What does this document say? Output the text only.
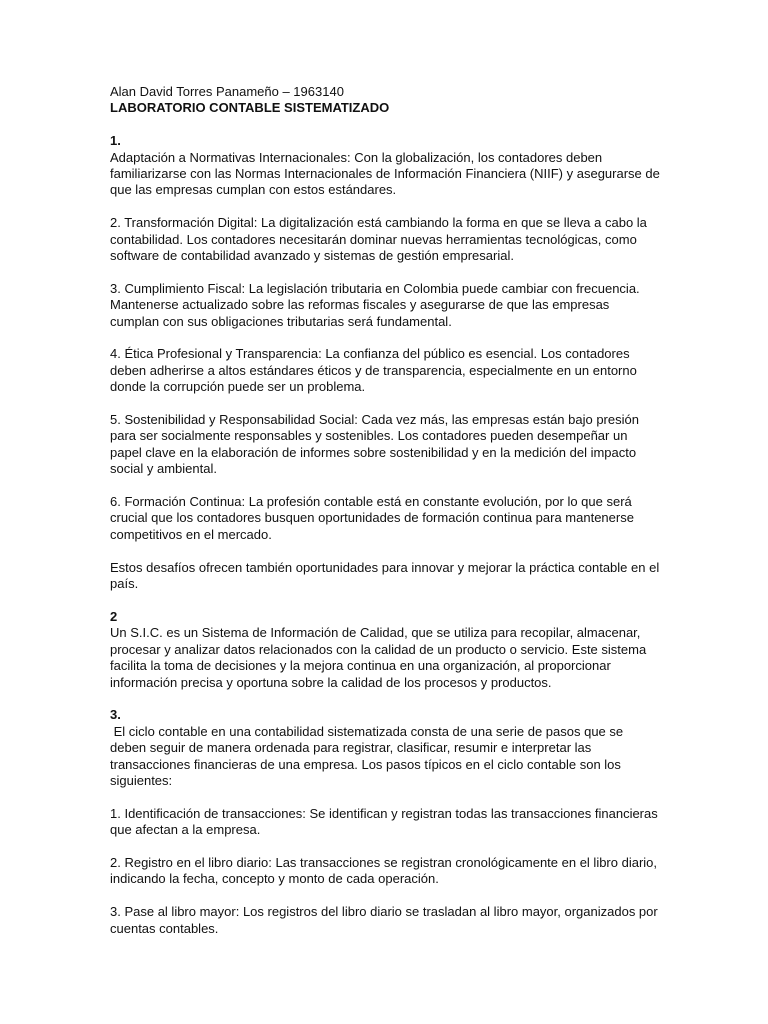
Alan David Torres Panameño – 1963140

LABORATORIO CONTABLE SISTEMATIZADO

1.

Adaptación a Normativas Internacionales: Con la globalización, los contadores deben familiarizarse con las Normas Internacionales de Información Financiera (NIIF) y asegurarse de que las empresas cumplan con estos estándares.

2. Transformación Digital: La digitalización está cambiando la forma en que se lleva a cabo la contabilidad. Los contadores necesitarán dominar nuevas herramientas tecnológicas, como software de contabilidad avanzado y sistemas de gestión empresarial.

3. Cumplimiento Fiscal: La legislación tributaria en Colombia puede cambiar con frecuencia. Mantenerse actualizado sobre las reformas fiscales y asegurarse de que las empresas cumplan con sus obligaciones tributarias será fundamental.

4. Ética Profesional y Transparencia: La confianza del público es esencial. Los contadores deben adherirse a altos estándares éticos y de transparencia, especialmente en un entorno donde la corrupción puede ser un problema.

5. Sostenibilidad y Responsabilidad Social: Cada vez más, las empresas están bajo presión para ser socialmente responsables y sostenibles. Los contadores pueden desempeñar un papel clave en la elaboración de informes sobre sostenibilidad y en la medición del impacto social y ambiental.

6. Formación Continua: La profesión contable está en constante evolución, por lo que será crucial que los contadores busquen oportunidades de formación continua para mantenerse competitivos en el mercado.

Estos desafíos ofrecen también oportunidades para innovar y mejorar la práctica contable en el país.

2

Un S.I.C. es un Sistema de Información de Calidad, que se utiliza para recopilar, almacenar, procesar y analizar datos relacionados con la calidad de un producto o servicio. Este sistema facilita la toma de decisiones y la mejora continua en una organización, al proporcionar información precisa y oportuna sobre la calidad de los procesos y productos.

3.

El ciclo contable en una contabilidad sistematizada consta de una serie de pasos que se deben seguir de manera ordenada para registrar, clasificar, resumir e interpretar las transacciones financieras de una empresa. Los pasos típicos en el ciclo contable son los siguientes:

1. Identificación de transacciones: Se identifican y registran todas las transacciones financieras que afectan a la empresa.

2. Registro en el libro diario: Las transacciones se registran cronológicamente en el libro diario, indicando la fecha, concepto y monto de cada operación.

3. Pase al libro mayor: Los registros del libro diario se trasladan al libro mayor, organizados por cuentas contables.
